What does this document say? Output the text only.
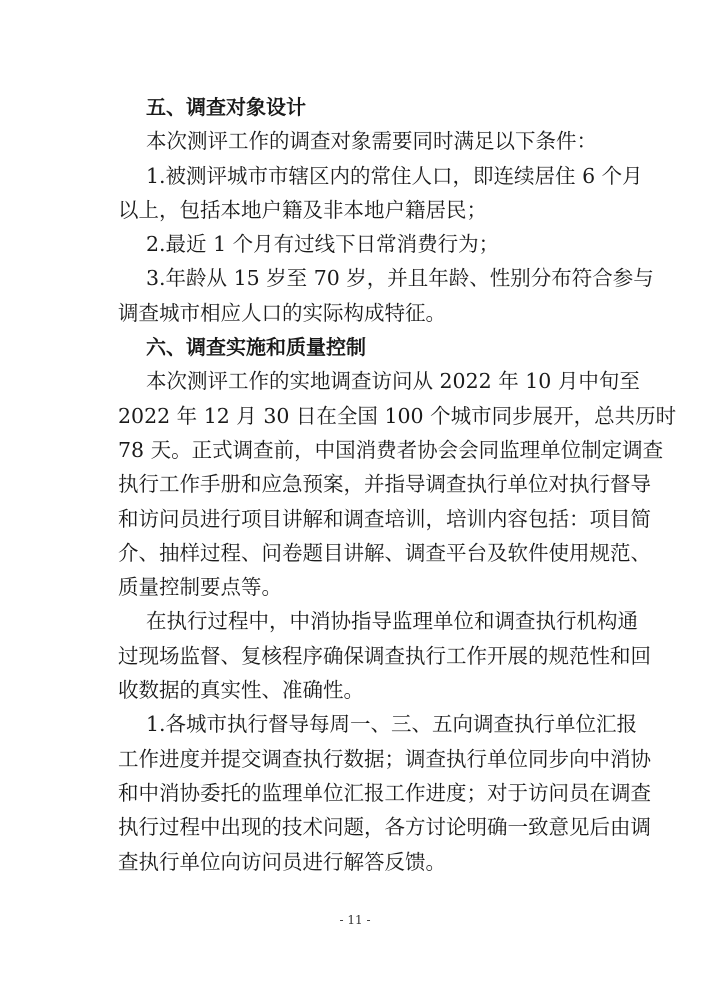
五、调查对象设计
本次测评工作的调查对象需要同时满足以下条件：
1.被测评城市市辖区内的常住人口，即连续居住 6 个月
以上，包括本地户籍及非本地户籍居民；
2.最近 1 个月有过线下日常消费行为；
3.年龄从 15 岁至 70 岁，并且年龄、性别分布符合参与
调查城市相应人口的实际构成特征。
六、调查实施和质量控制
本次测评工作的实地调查访问从 2022 年 10 月中旬至
2022 年 12 月 30 日在全国 100 个城市同步展开，总共历时
78 天。正式调查前，中国消费者协会会同监理单位制定调查
执行工作手册和应急预案，并指导调查执行单位对执行督导
和访问员进行项目讲解和调查培训，培训内容包括：项目简
介、抽样过程、问卷题目讲解、调查平台及软件使用规范、
质量控制要点等。
在执行过程中，中消协指导监理单位和调查执行机构通
过现场监督、复核程序确保调查执行工作开展的规范性和回
收数据的真实性、准确性。
1.各城市执行督导每周一、三、五向调查执行单位汇报
工作进度并提交调查执行数据；调查执行单位同步向中消协
和中消协委托的监理单位汇报工作进度；对于访问员在调查
执行过程中出现的技术问题，各方讨论明确一致意见后由调
查执行单位向访问员进行解答反馈。
- 11 -
